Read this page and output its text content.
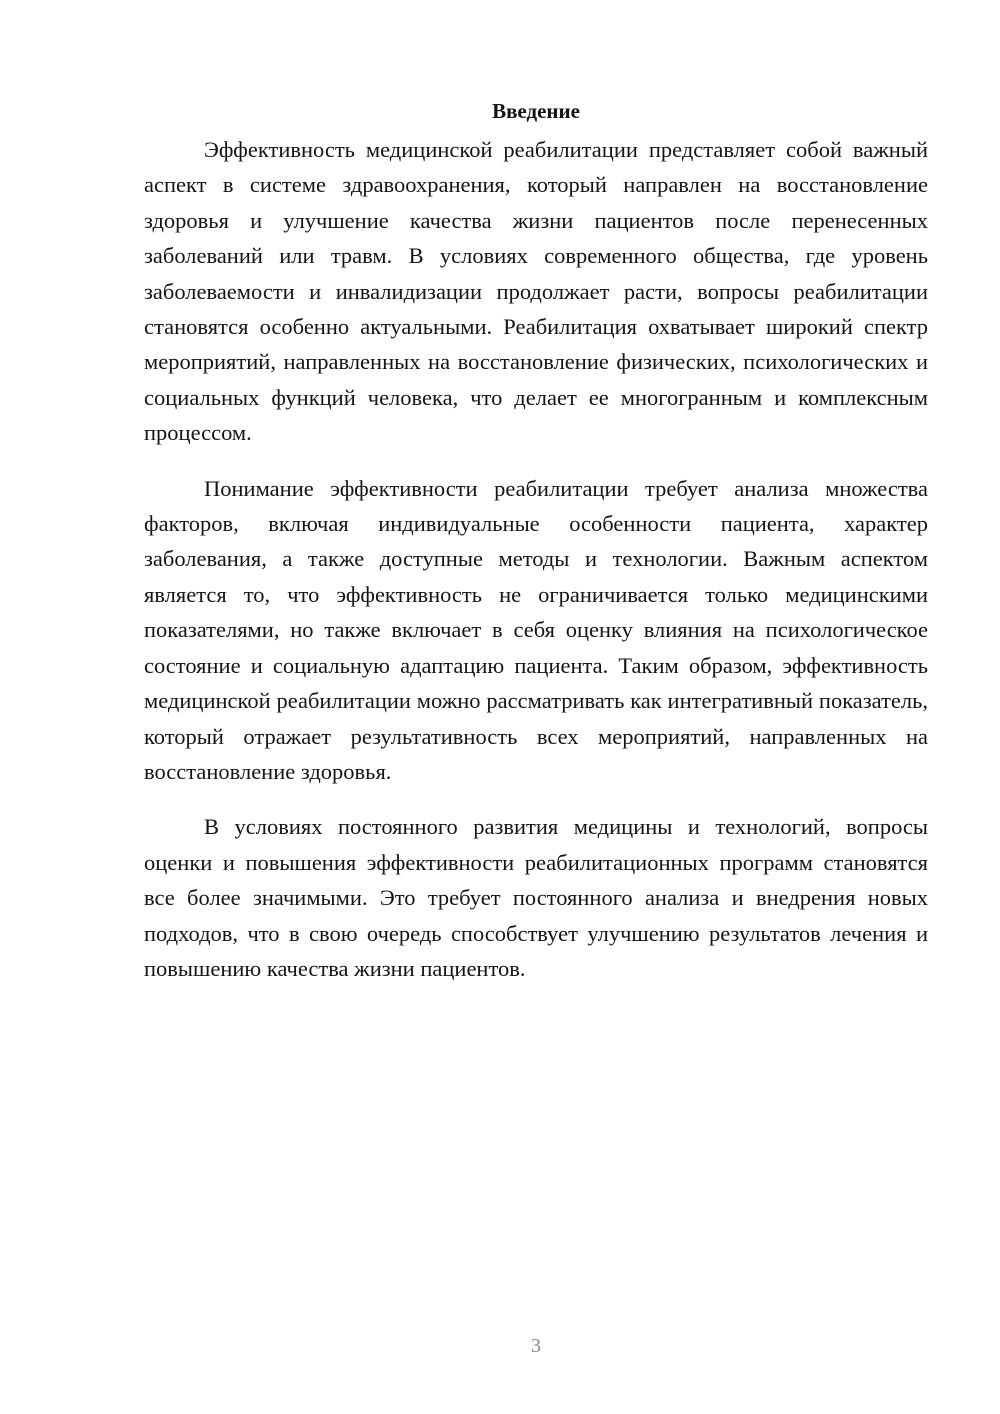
Введение

Эффективность медицинской реабилитации представляет собой важный аспект в системе здравоохранения, который направлен на восстановление здоровья и улучшение качества жизни пациентов после перенесенных заболеваний или травм. В условиях современного общества, где уровень заболеваемости и инвалидизации продолжает расти, вопросы реабилитации становятся особенно актуальными. Реабилитация охватывает широкий спектр мероприятий, направленных на восстановление физических, психологических и социальных функций человека, что делает ее многогранным и комплексным процессом.

Понимание эффективности реабилитации требует анализа множества факторов, включая индивидуальные особенности пациента, характер заболевания, а также доступные методы и технологии. Важным аспектом является то, что эффективность не ограничивается только медицинскими показателями, но также включает в себя оценку влияния на психологическое состояние и социальную адаптацию пациента. Таким образом, эффективность медицинской реабилитации можно рассматривать как интегративный показатель, который отражает результативность всех мероприятий, направленных на восстановление здоровья.

В условиях постоянного развития медицины и технологий, вопросы оценки и повышения эффективности реабилитационных программ становятся все более значимыми. Это требует постоянного анализа и внедрения новых подходов, что в свою очередь способствует улучшению результатов лечения и повышению качества жизни пациентов.

3
